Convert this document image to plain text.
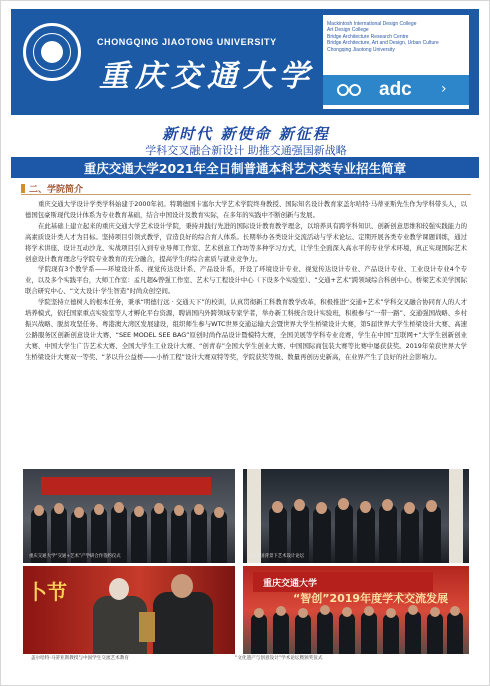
CHONGQING JIAOTONG UNIVERSITY
重庆交通大学
Mackintosh International Design College
Art Design College
Bridge Architecture Research Centre
Bridge Architecture, Art and Design, Urban Culture
Chongqing Jiaotong University
adc ›
新时代 新使命 新征程
学科交叉融合新设计 助推交通强国新战略
重庆交通大学2021年全日制普通本科艺术类专业招生简章
二、学院简介

重庆交通大学设计学类学科始建于2000年初。特聘德国卡塞尔大学艺术学院终身教授、国际知名设计教育家盖尔哈特·马蒂亚斯先生作为学科带头人，以德国包豪斯现代设计体系为专业教育基础，结合中国设计及教育实际，在多年的实践中不断创新与发展。

在此基础上建立起来的重庆交通大学艺术设计学院，秉持并践行先进的国际设计教育教学理念，以培养具有跨学科知识、创新创意思维和较强实践能力的高素质设计类人才为目标。坚持项目引领式教学，营造良好的综合育人体系。长期举办各类设计交流活动与学术论坛、定期开展各类专业教学课题训练，通过将学术讲座、设计互动沙龙、实战项目引入到专业导师工作室、艺术创意工作坊等多种学习方式，让学生全面深入高水平的专业学术环境，真正实现国际艺术创意设计教育理念与学院专业教育的充分融合，提高学生的综合素质与就业竞争力。

学院现有3个教学系——环境设计系、视觉传达设计系、产品设计系，开设了环境设计专业、视觉传达设计专业、产品设计专业、工业设计专业4个专业，以及多个实践平台，大师工作室：孟凡超&曾强工作室、艺术与工程设计中心（下设多个实验室）、“交通+艺术”跨领域综合科创中心、桥梁艺术美学国际联合研究中心、“文大设计·学生智造”时尚众创空间。

学院坚持立德树人的根本任务，秉承“明德行远 · 交通天下”的校训，认真贯彻新工科教育教学改革，积极推进“交通+艺术”学科交叉融合协同育人的人才培养模式，依托国家重点实验室等人才孵化平台资源，聘请国内外跨领域专家学者，举办新工科统合设计实验班，积极参与“一带一路”、交通强国战略、乡村振兴战略、脱贫攻坚任务、粤港澳大湾区发展建设，组织师生参与WTC世界交通运输大会暨世界大学生桥梁设计大赛，第5届世界大学生桥梁设计大赛、高速公路服务区创新创意设计大赛、“SEE MODEL SEE BAG”原创时尚作品设计暨模特大赛，全国美展等学科专业竞赛，学生在中国“互联网+”大学生创新创业大赛、中国大学生广告艺术大赛、全国大学生工业设计大赛、“创青春”全国大学生创业大赛、中国国际商包装大赛等比赛中屡获获奖。2019年荣获世界大学生桥梁设计大赛双一等奖、“茅以升公益桥——小桥工程”设计大赛双特等奖，学院获奖等级、数量再创历史新高，在业界产生了良好的社会影响力。

重庆交通大学“交通+艺术”产学研合作签约仪式	交通强国背景下艺术设计论坛
卜节	重庆交通大学
“智创”2019年度学术交流发展
盖尔哈特·马蒂亚斯教授与中国学生交流艺术教育	“文化遗产与创意设计”学术论坛暨颁奖仪式
